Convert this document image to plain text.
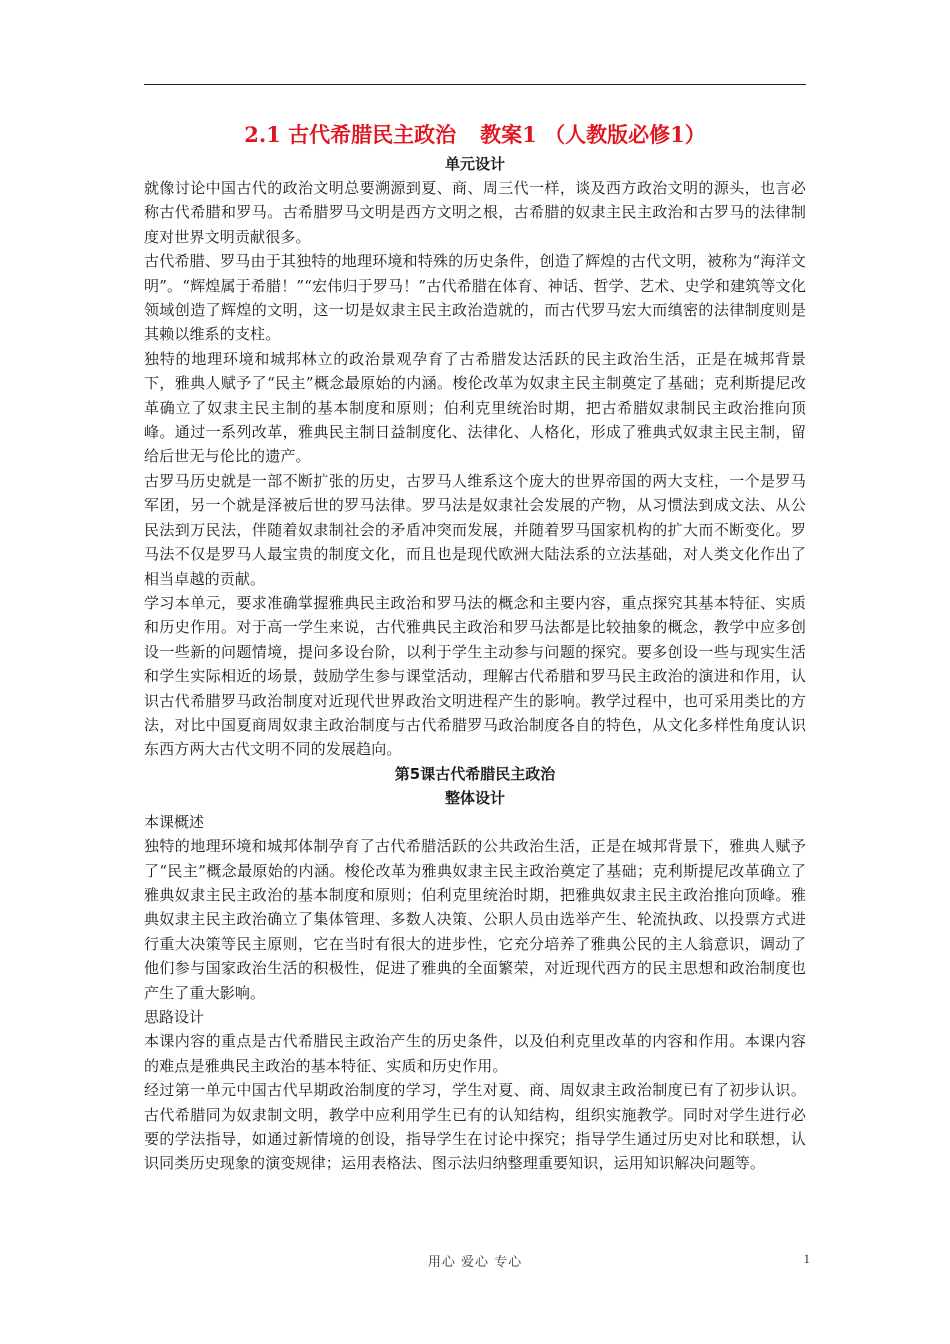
2.1 古代希腊民主政治 教案1 （人教版必修1）
单元设计

就像讨论中国古代的政治文明总要溯源到夏、商、周三代一样，谈及西方政治文明的源头，也言必称古代希腊和罗马。古希腊罗马文明是西方文明之根，古希腊的奴隶主民主政治和古罗马的法律制度对世界文明贡献很多。

古代希腊、罗马由于其独特的地理环境和特殊的历史条件，创造了辉煌的古代文明，被称为“海洋文明”。“辉煌属于希腊！”“宏伟归于罗马！”古代希腊在体育、神话、哲学、艺术、史学和建筑等文化领域创造了辉煌的文明，这一切是奴隶主民主政治造就的，而古代罗马宏大而缜密的法律制度则是其赖以维系的支柱。

独特的地理环境和城邦林立的政治景观孕育了古希腊发达活跃的民主政治生活，正是在城邦背景下，雅典人赋予了“民主”概念最原始的内涵。梭伦改革为奴隶主民主制奠定了基础；克利斯提尼改革确立了奴隶主民主制的基本制度和原则；伯利克里统治时期，把古希腊奴隶制民主政治推向顶峰。通过一系列改革，雅典民主制日益制度化、法律化、人格化，形成了雅典式奴隶主民主制，留给后世无与伦比的遗产。

古罗马历史就是一部不断扩张的历史，古罗马人维系这个庞大的世界帝国的两大支柱，一个是罗马军团，另一个就是泽被后世的罗马法律。罗马法是奴隶社会发展的产物，从习惯法到成文法、从公民法到万民法，伴随着奴隶制社会的矛盾冲突而发展，并随着罗马国家机构的扩大而不断变化。罗马法不仅是罗马人最宝贵的制度文化，而且也是现代欧洲大陆法系的立法基础，对人类文化作出了相当卓越的贡献。

学习本单元，要求准确掌握雅典民主政治和罗马法的概念和主要内容，重点探究其基本特征、实质和历史作用。对于高一学生来说，古代雅典民主政治和罗马法都是比较抽象的概念，教学中应多创设一些新的问题情境，提问多设台阶，以利于学生主动参与问题的探究。要多创设一些与现实生活和学生实际相近的场景，鼓励学生参与课堂活动，理解古代希腊和罗马民主政治的演进和作用，认识古代希腊罗马政治制度对近现代世界政治文明进程产生的影响。教学过程中，也可采用类比的方法，对比中国夏商周奴隶主政治制度与古代希腊罗马政治制度各自的特色，从文化多样性角度认识东西方两大古代文明不同的发展趋向。

第5课古代希腊民主政治
整体设计

本课概述

独特的地理环境和城邦体制孕育了古代希腊活跃的公共政治生活，正是在城邦背景下，雅典人赋予了“民主”概念最原始的内涵。梭伦改革为雅典奴隶主民主政治奠定了基础；克利斯提尼改革确立了雅典奴隶主民主政治的基本制度和原则；伯利克里统治时期，把雅典奴隶主民主政治推向顶峰。雅典奴隶主民主政治确立了集体管理、多数人决策、公职人员由选举产生、轮流执政、以投票方式进行重大决策等民主原则，它在当时有很大的进步性，它充分培养了雅典公民的主人翁意识，调动了他们参与国家政治生活的积极性，促进了雅典的全面繁荣，对近现代西方的民主思想和政治制度也产生了重大影响。

思路设计

本课内容的重点是古代希腊民主政治产生的历史条件，以及伯利克里改革的内容和作用。本课内容的难点是雅典民主政治的基本特征、实质和历史作用。

经过第一单元中国古代早期政治制度的学习，学生对夏、商、周奴隶主政治制度已有了初步认识。古代希腊同为奴隶制文明，教学中应利用学生已有的认知结构，组织实施教学。同时对学生进行必要的学法指导，如通过新情境的创设，指导学生在讨论中探究；指导学生通过历史对比和联想，认识同类历史现象的演变规律；运用表格法、图示法归纳整理重要知识，运用知识解决问题等。

用心 爱心 专心	1
